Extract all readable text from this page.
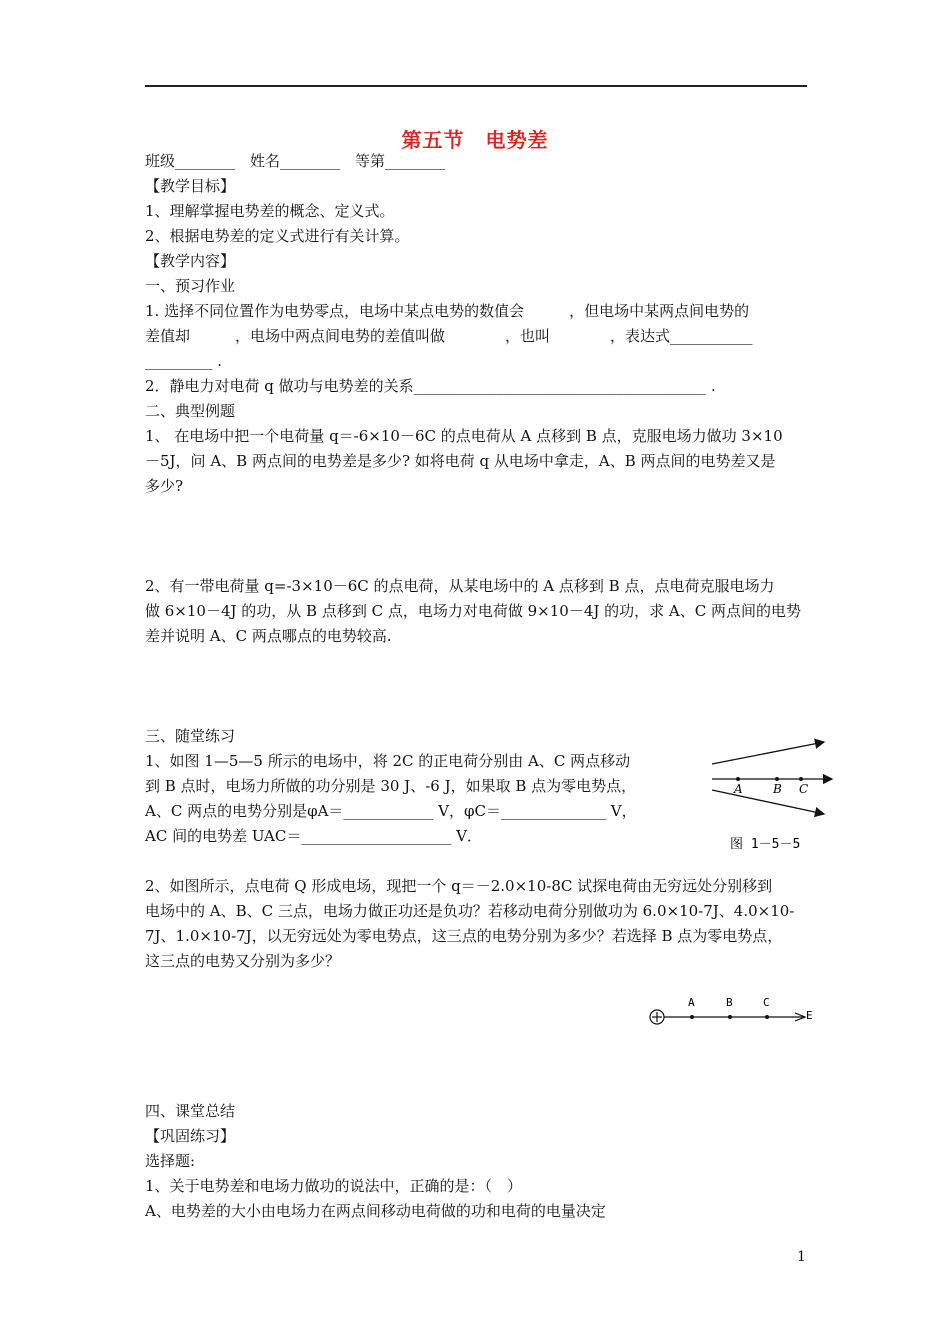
第五节　电势差
班级________　姓名________　等第________
【教学目标】
1、理解掌握电势差的概念、定义式。
2、根据电势差的定义式进行有关计算。
【教学内容】
一、预习作业
1. 选择不同位置作为电势零点，电场中某点电势的数值会　　　，但电场中某两点间电势的
差值却　　　，电场中两点间电势的差值叫做　　　　，也叫　　　　，表达式___________
_________ .
2．静电力对电荷 q 做功与电势差的关系_______________________________________ .
二、典型例题
1、 在电场中把一个电荷量 q＝-6×10－6C 的点电荷从 A 点移到 B 点，克服电场力做功 3×10
－5J，问 A、B 两点间的电势差是多少? 如将电荷 q 从电场中拿走，A、B 两点间的电势差又是
多少?
2、有一带电荷量 q=-3×10－6C 的点电荷，从某电场中的 A 点移到 B 点，点电荷克服电场力
做 6×10－4J 的功，从 B 点移到 C 点，电场力对电荷做 9×10－4J 的功，求 A、C 两点间的电势
差并说明 A、C 两点哪点的电势较高.
三、随堂练习
1、如图 1—5—5 所示的电场中，将 2C 的正电荷分别由 A、C 两点移动
到 B 点时，电场力所做的功分别是 30 J、-6 J，如果取 B 点为零电势点，
A、C 两点的电势分别是φA＝____________ V，φC＝______________ V，
AC 间的电势差 UAC＝____________________ V．
2、如图所示，点电荷 Q 形成电场，现把一个 q＝－2.0×10-8C 试探电荷由无穷远处分别移到
电场中的 A、B、C 三点，电场力做正功还是负功？若移动电荷分别做功为 6.0×10-7J、4.0×10-
7J、1.0×10-7J，以无穷远处为零电势点，这三点的电势分别为多少？若选择 B 点为零电势点，
这三点的电势又分别为多少？
四、课堂总结
【巩固练习】
选择题:
1、关于电势差和电场力做功的说法中，正确的是：（　）
A、电势差的大小由电场力在两点间移动电荷做的功和电荷的电量决定
A	B C
图 1－5－5
A	B	C
E
1
